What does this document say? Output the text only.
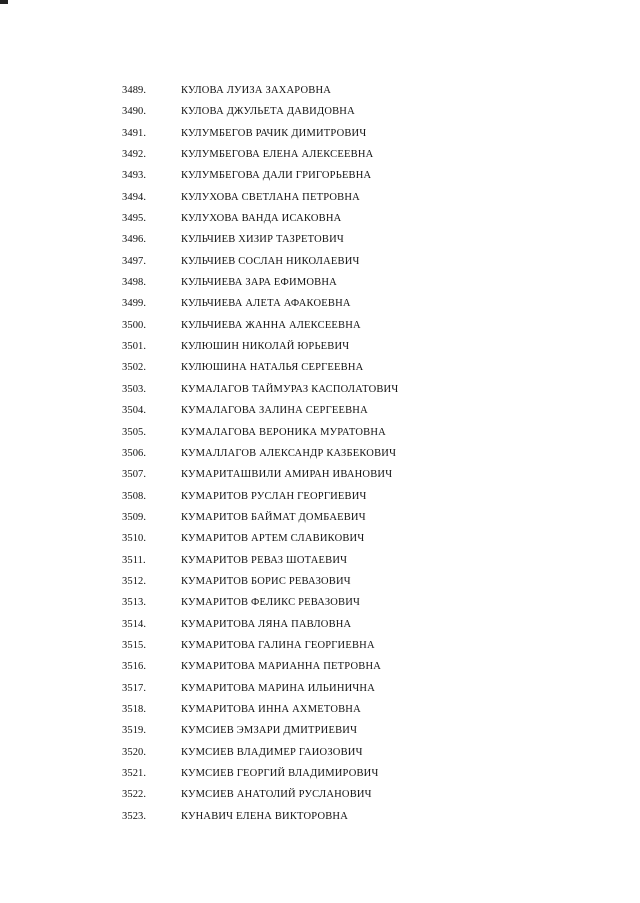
3489.	КУЛОВА ЛУИЗА ЗАХАРОВНА
3490.	КУЛОВА ДЖУЛЬЕТА ДАВИДОВНА
3491.	КУЛУМБЕГОВ РАЧИК ДИМИТРОВИЧ
3492.	КУЛУМБЕГОВА ЕЛЕНА АЛЕКСЕЕВНА
3493.	КУЛУМБЕГОВА ДАЛИ ГРИГОРЬЕВНА
3494.	КУЛУХОВА СВЕТЛАНА ПЕТРОВНА
3495.	КУЛУХОВА ВАНДА ИСАКОВНА
3496.	КУЛЬЧИЕВ ХИЗИР ТАЗРЕТОВИЧ
3497.	КУЛЬЧИЕВ СОСЛАН НИКОЛАЕВИЧ
3498.	КУЛЬЧИЕВА ЗАРА ЕФИМОВНА
3499.	КУЛЬЧИЕВА АЛЕТА АФАКОЕВНА
3500.	КУЛЬЧИЕВА ЖАННА АЛЕКСЕЕВНА
3501.	КУЛЮШИН НИКОЛАЙ ЮРЬЕВИЧ
3502.	КУЛЮШИНА НАТАЛЬЯ СЕРГЕЕВНА
3503.	КУМАЛАГОВ ТАЙМУРАЗ КАСПОЛАТОВИЧ
3504.	КУМАЛАГОВА ЗАЛИНА СЕРГЕЕВНА
3505.	КУМАЛАГОВА ВЕРОНИКА МУРАТОВНА
3506.	КУМАЛЛАГОВ АЛЕКСАНДР КАЗБЕКОВИЧ
3507.	КУМАРИТАШВИЛИ АМИРАН ИВАНОВИЧ
3508.	КУМАРИТОВ РУСЛАН ГЕОРГИЕВИЧ
3509.	КУМАРИТОВ БАЙМАТ ДОМБАЕВИЧ
3510.	КУМАРИТОВ АРТЕМ СЛАВИКОВИЧ
3511.	КУМАРИТОВ РЕВАЗ ШОТАЕВИЧ
3512.	КУМАРИТОВ БОРИС РЕВАЗОВИЧ
3513.	КУМАРИТОВ ФЕЛИКС РЕВАЗОВИЧ
3514.	КУМАРИТОВА ЛЯНА ПАВЛОВНА
3515.	КУМАРИТОВА ГАЛИНА ГЕОРГИЕВНА
3516.	КУМАРИТОВА МАРИАННА ПЕТРОВНА
3517.	КУМАРИТОВА МАРИНА ИЛЬИНИЧНА
3518.	КУМАРИТОВА ИННА АХМЕТОВНА
3519.	КУМСИЕВ ЭМЗАРИ ДМИТРИЕВИЧ
3520.	КУМСИЕВ ВЛАДИМЕР ГАИОЗОВИЧ
3521.	КУМСИЕВ ГЕОРГИЙ ВЛАДИМИРОВИЧ
3522.	КУМСИЕВ АНАТОЛИЙ РУСЛАНОВИЧ
3523.	КУНАВИЧ ЕЛЕНА ВИКТОРОВНА
